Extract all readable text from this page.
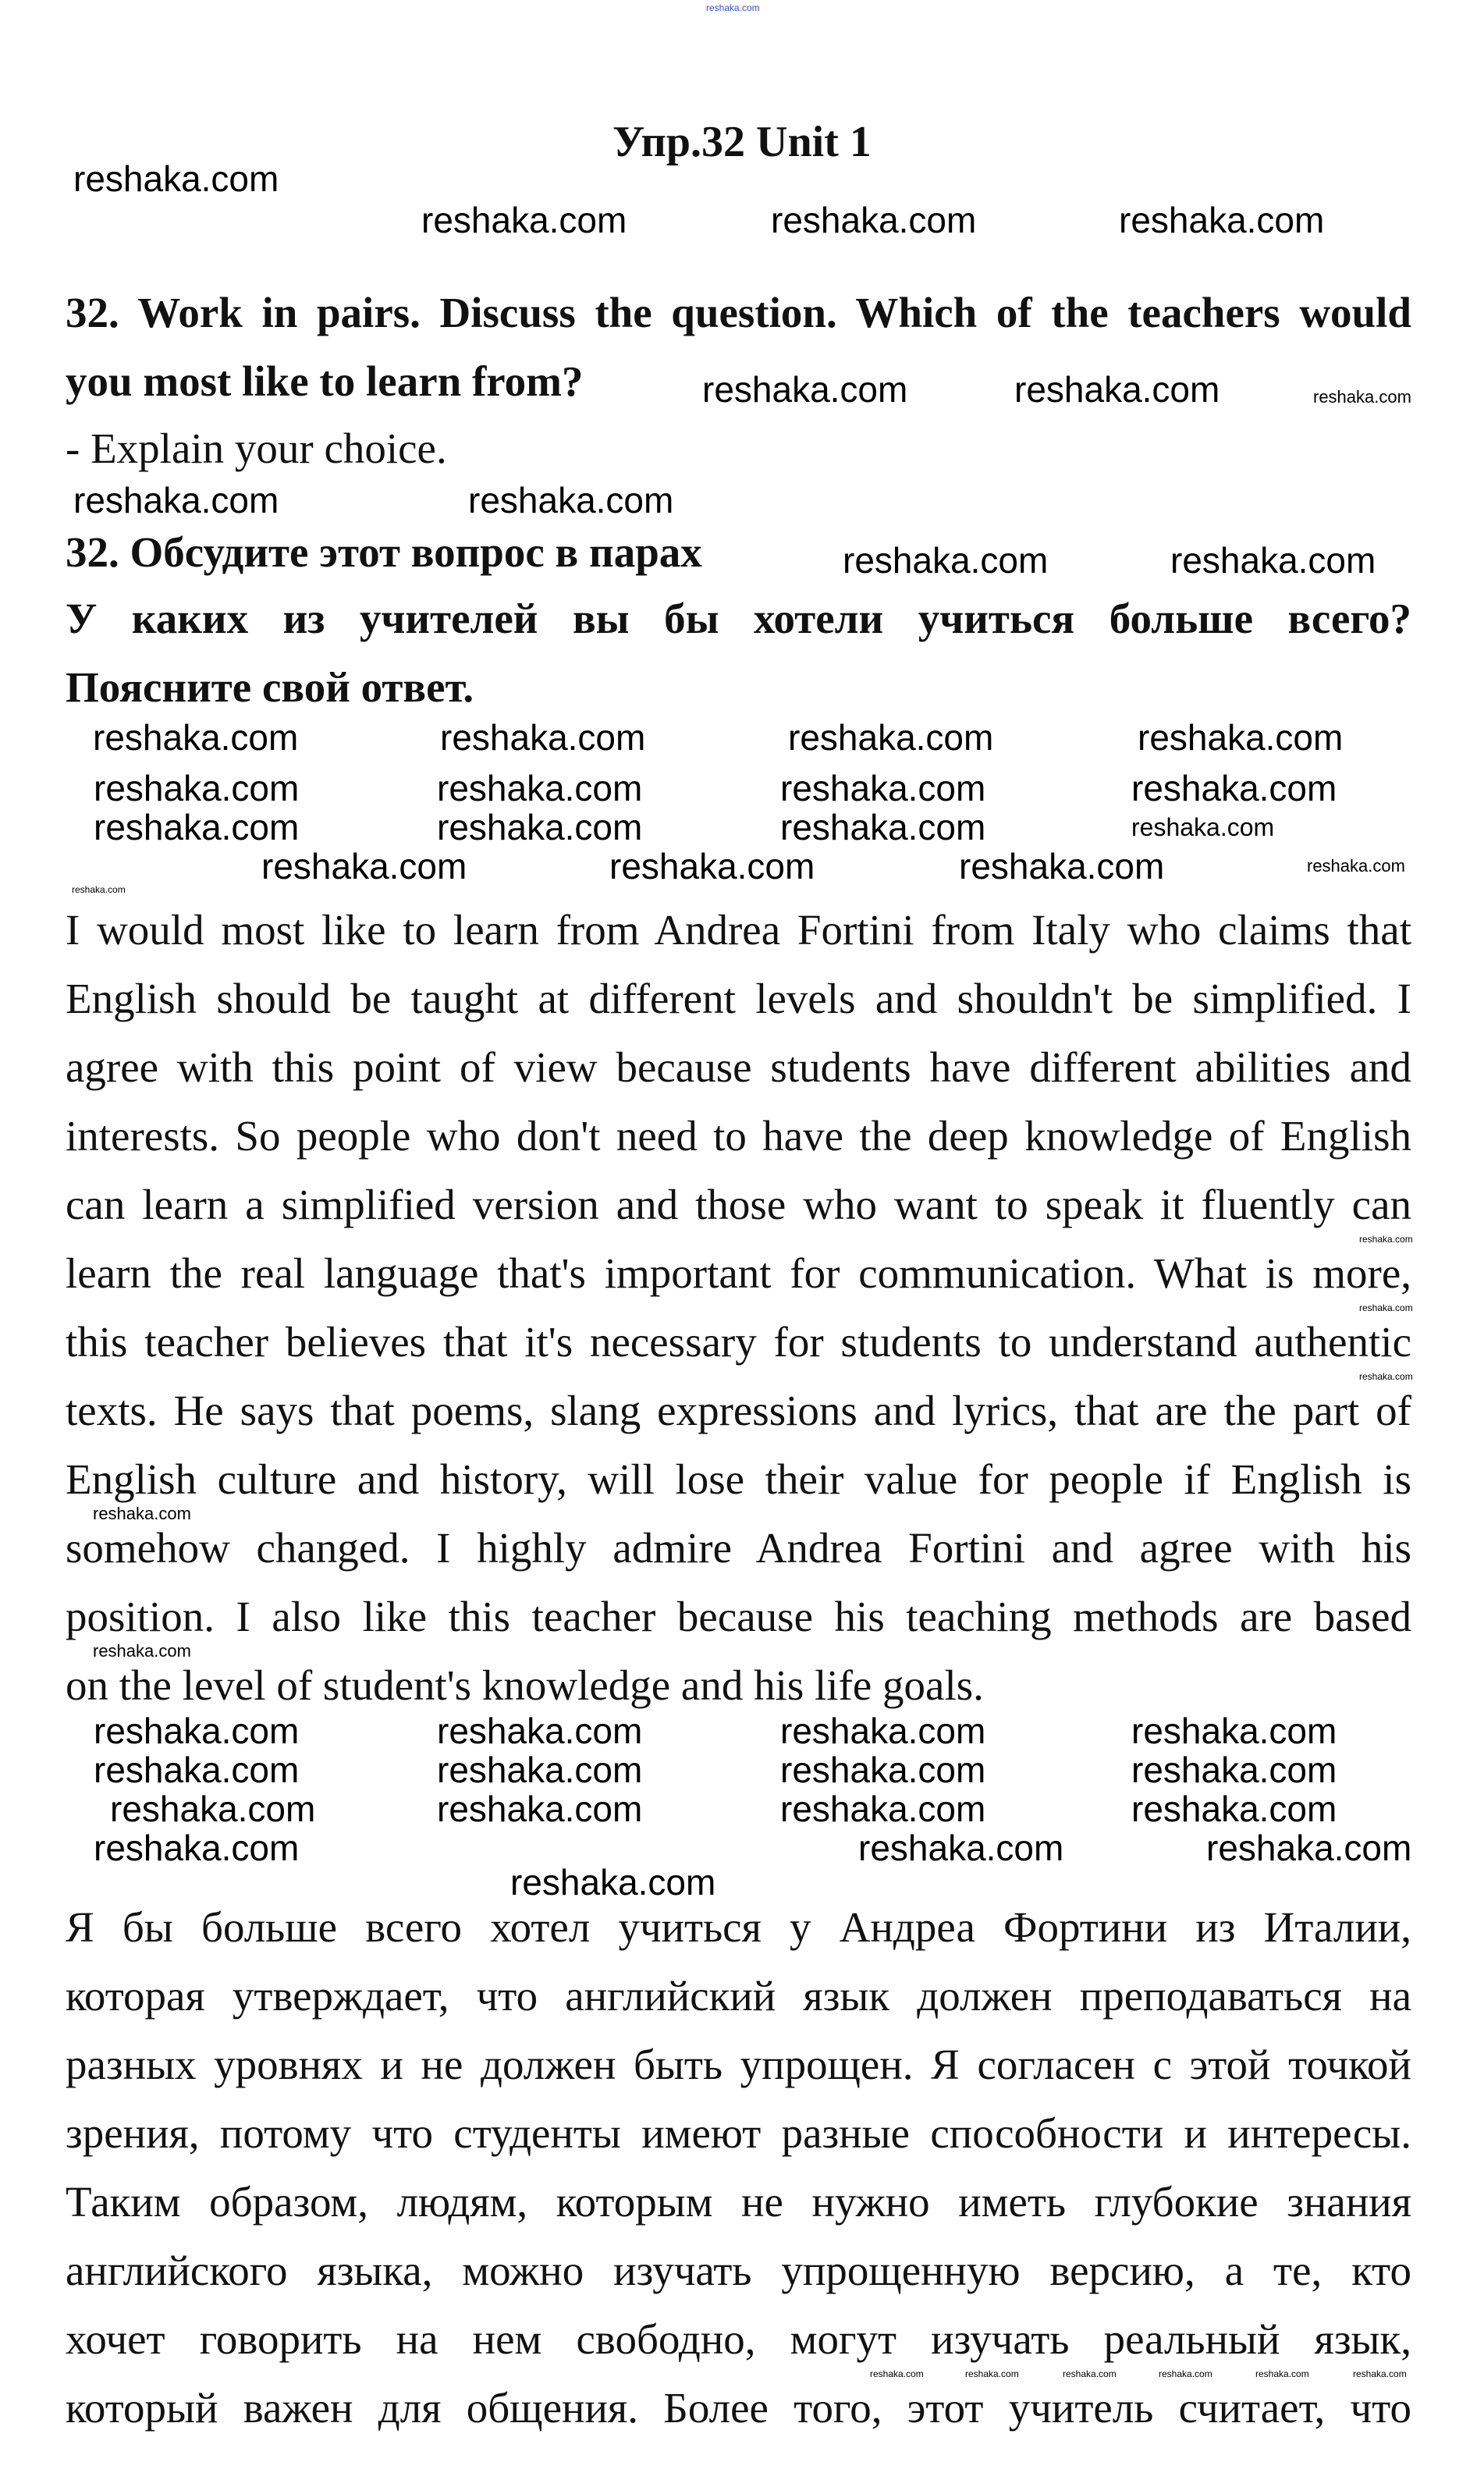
Упр.32 Unit 1
32. Work in pairs. Discuss the question. Which of the teachers would
you most like to learn from?
- Explain your choice.
32. Обсудите этот вопрос в парах
У каких из учителей вы бы хотели учиться больше всего?
Поясните свой ответ.
I would most like to learn from Andrea Fortini from Italy who claims that
English should be taught at different levels and shouldn't be simplified. I
agree with this point of view because students have different abilities and
interests. So people who don't need to have the deep knowledge of English
can learn a simplified version and those who want to speak it fluently can
learn the real language that's important for communication. What is more,
this teacher believes that it's necessary for students to understand authentic
texts. He says that poems, slang expressions and lyrics, that are the part of
English culture and history, will lose their value for people if English is
somehow changed. I highly admire Andrea Fortini and agree with his
position. I also like this teacher because his teaching methods are based
on the level of student's knowledge and his life goals.
Я бы больше всего хотел учиться у Андреа Фортини из Италии,
которая утверждает, что английский язык должен преподаваться на
разных уровнях и не должен быть упрощен. Я согласен с этой точкой
зрения, потому что студенты имеют разные способности и интересы.
Таким образом, людям, которым не нужно иметь глубокие знания
английского языка, можно изучать упрощенную версию, а те, кто
хочет говорить на нем свободно, могут изучать реальный язык,
который важен для общения. Более того, этот учитель считает, что
reshaka.com
reshaka.com
reshaka.com	reshaka.com	reshaka.com
reshaka.com
reshaka.com	reshaka.com	reshaka.com
reshaka.com
reshaka.com	reshaka.com
reshaka.com	reshaka.com	reshaka.com	reshaka.com
reshaka.com	reshaka.com	reshaka.com	reshaka.com
reshaka.com	reshaka.com	reshaka.com	reshaka.com
reshaka.com
reshaka.com	reshaka.com	reshaka.com	reshaka.com
reshaka.com
reshaka.com
reshaka.com
reshaka.com
reshaka.com
reshaka.com	reshaka.com	reshaka.com	reshaka.com
reshaka.com	reshaka.com	reshaka.com	reshaka.com
reshaka.com	reshaka.com	reshaka.com	reshaka.com
reshaka.com	reshaka.com	reshaka.com
reshaka.com
reshaka.com	reshaka.com	reshaka.com	reshaka.com	reshaka.com	reshaka.com
